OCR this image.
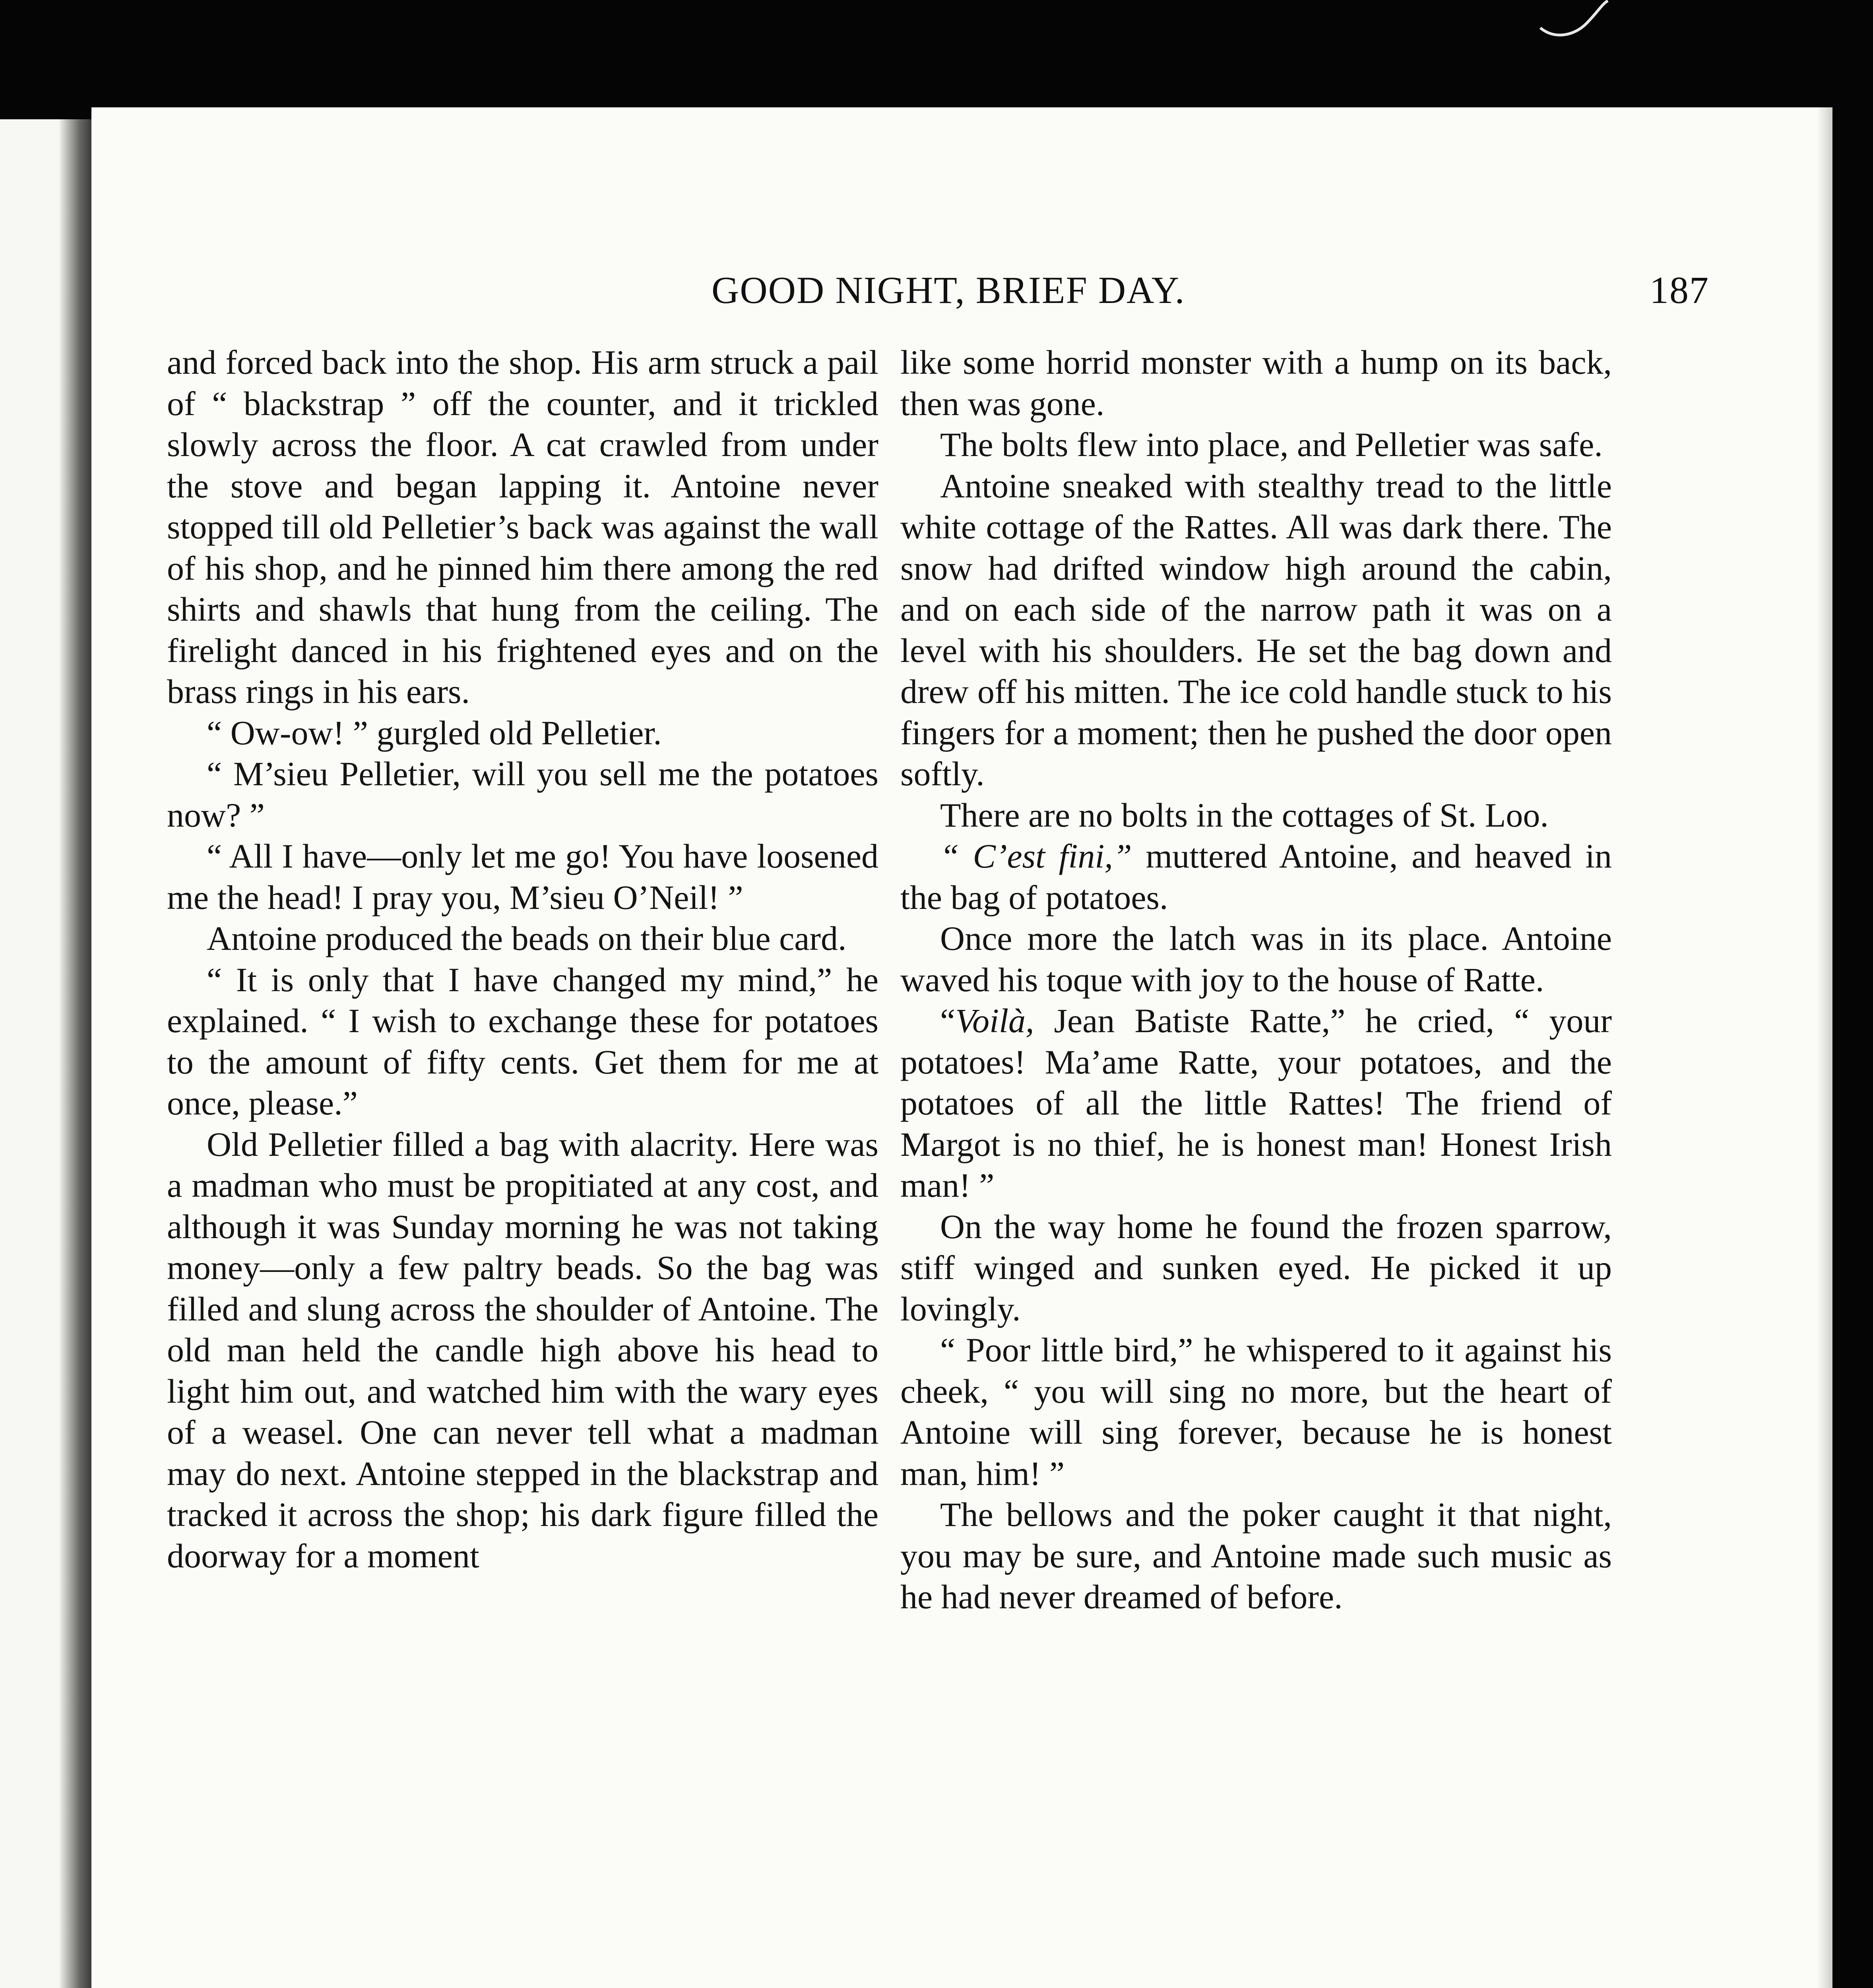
GOOD NIGHT, BRIEF DAY.	187

and forced back into the shop. His arm struck a pail of “ blackstrap ” off the counter, and it trickled slowly across the floor. A cat crawled from under the stove and began lapping it. Antoine never stopped till old Pelletier’s back was against the wall of his shop, and he pinned him there among the red shirts and shawls that hung from the ceiling. The firelight danced in his frightened eyes and on the brass rings in his ears.

“ Ow-ow! ” gurgled old Pelletier.

“ M’sieu Pelletier, will you sell me the potatoes now? ”

“ All I have—only let me go! You have loosened me the head! I pray you, M’sieu O’Neil! ”

Antoine produced the beads on their blue card.

“ It is only that I have changed my mind,” he explained. “ I wish to exchange these for potatoes to the amount of fifty cents. Get them for me at once, please.”

Old Pelletier filled a bag with alacrity. Here was a madman who must be propitiated at any cost, and although it was Sunday morning he was not taking money—only a few paltry beads. So the bag was filled and slung across the shoulder of Antoine. The old man held the candle high above his head to light him out, and watched him with the wary eyes of a weasel. One can never tell what a madman may do next. Antoine stepped in the blackstrap and tracked it across the shop; his dark figure filled the doorway for a moment

like some horrid monster with a hump on its back, then was gone.

The bolts flew into place, and Pelletier was safe.

Antoine sneaked with stealthy tread to the little white cottage of the Rattes. All was dark there. The snow had drifted window high around the cabin, and on each side of the narrow path it was on a level with his shoulders. He set the bag down and drew off his mitten. The ice cold handle stuck to his fingers for a moment; then he pushed the door open softly.

There are no bolts in the cottages of St. Loo.

“ C’est fini,” muttered Antoine, and heaved in the bag of potatoes.

Once more the latch was in its place. Antoine waved his toque with joy to the house of Ratte.

“Voilà, Jean Batiste Ratte,” he cried, “ your potatoes! Ma’ame Ratte, your potatoes, and the potatoes of all the little Rattes! The friend of Margot is no thief, he is honest man! Honest Irish man! ”

On the way home he found the frozen sparrow, stiff winged and sunken eyed. He picked it up lovingly.

“ Poor little bird,” he whispered to it against his cheek, “ you will sing no more, but the heart of Antoine will sing forever, because he is honest man, him! ”

The bellows and the poker caught it that night, you may be sure, and Antoine made such music as he had never dreamed of before.
